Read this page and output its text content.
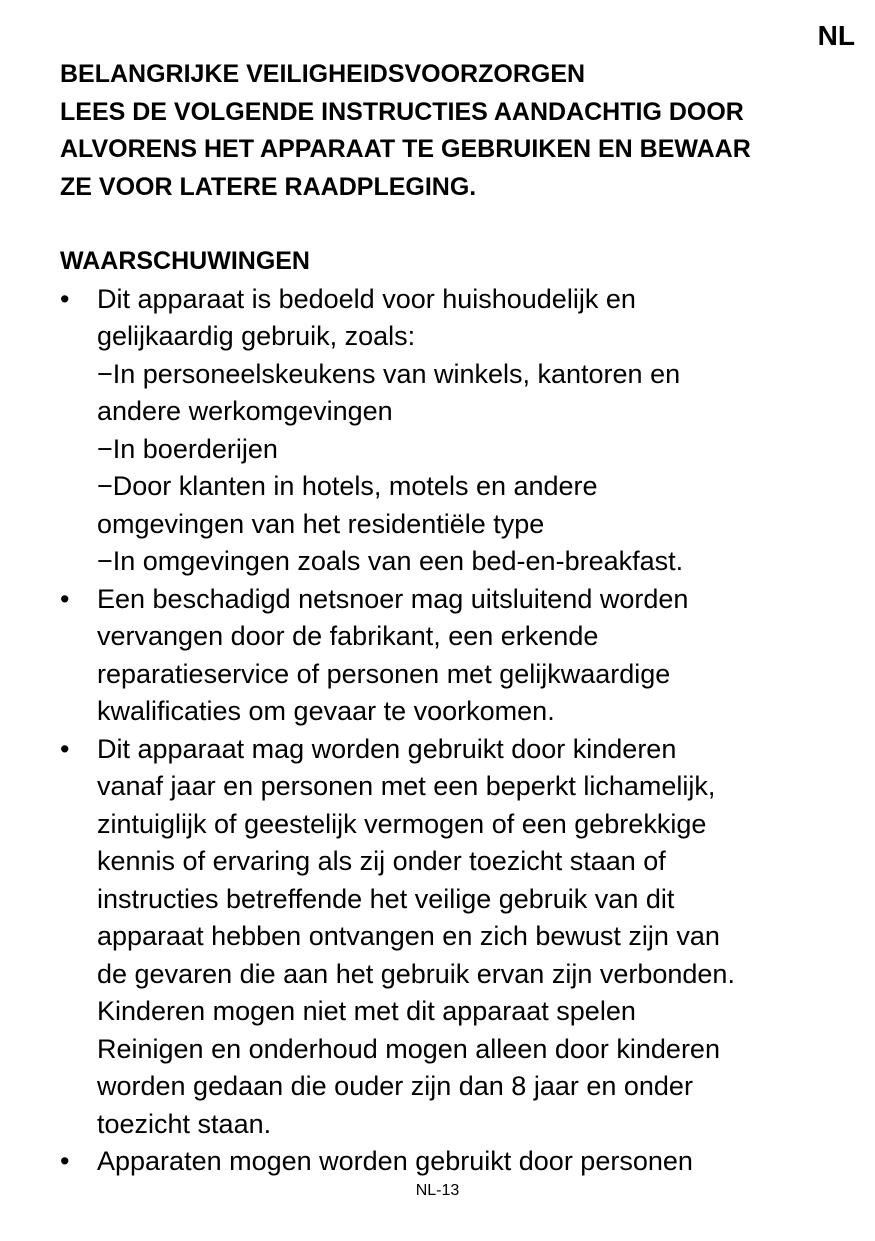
NL
BELANGRIJKE VEILIGHEIDSVOORZORGEN
LEES DE VOLGENDE INSTRUCTIES AANDACHTIG DOOR
ALVORENS HET APPARAAT TE GEBRUIKEN EN BEWAAR
ZE VOOR LATERE RAADPLEGING.
WAARSCHUWINGEN
•	Dit apparaat is bedoeld voor huishoudelijk en
gelijkaardig gebruik, zoals:
−In personeelskeukens van winkels, kantoren en
andere werkomgevingen
−In boerderijen
−Door klanten in hotels, motels en andere
omgevingen van het residentiële type
−In omgevingen zoals van een bed-en-breakfast.
•	Een beschadigd netsnoer mag uitsluitend worden
vervangen door de fabrikant, een erkende
reparatieservice of personen met gelijkwaardige
kwalificaties om gevaar te voorkomen.
•	Dit apparaat mag worden gebruikt door kinderen
vanaf jaar en personen met een beperkt lichamelijk,
zintuiglijk of geestelijk vermogen of een gebrekkige
kennis of ervaring als zij onder toezicht staan of
instructies betreffende het veilige gebruik van dit
apparaat hebben ontvangen en zich bewust zijn van
de gevaren die aan het gebruik ervan zijn verbonden.
Kinderen mogen niet met dit apparaat spelen
Reinigen en onderhoud mogen alleen door kinderen
worden gedaan die ouder zijn dan 8 jaar en onder
toezicht staan.
•	Apparaten mogen worden gebruikt door personen
NL-13
